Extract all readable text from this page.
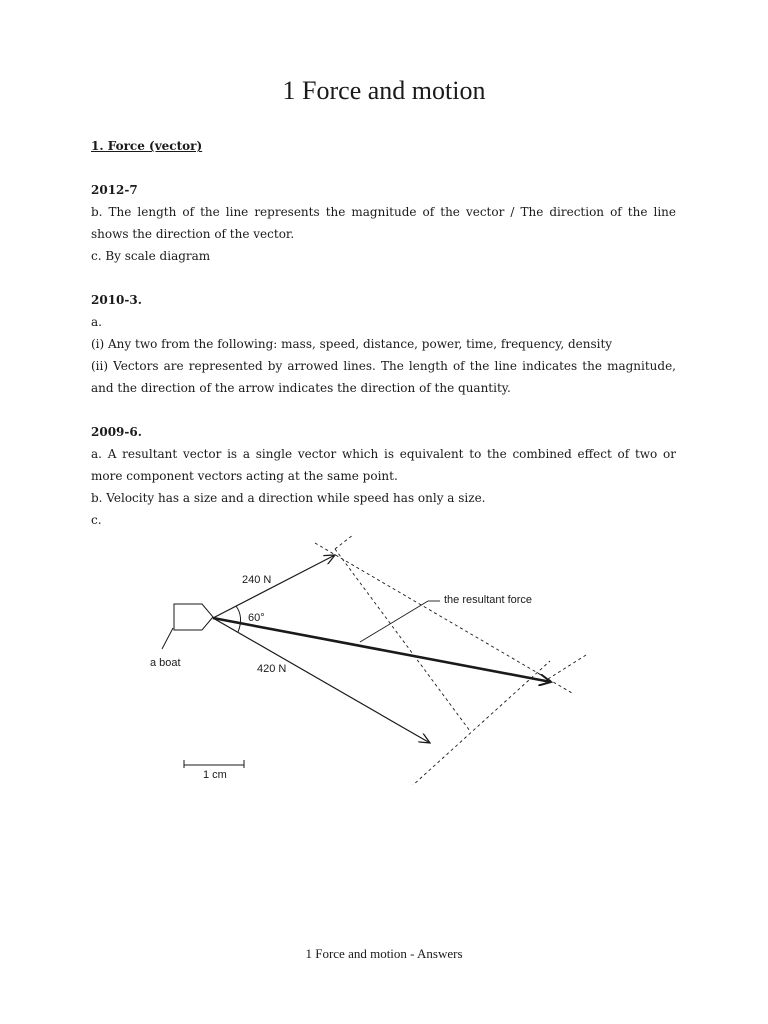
1 Force and motion

1. Force (vector)

2012-7

b. The length of the line represents the magnitude of the vector / The direction of the line shows the direction of the vector.

c. By scale diagram

2010-3.

a.

(i) Any two from the following: mass, speed, distance, power, time, frequency, density

(ii) Vectors are represented by arrowed lines. The length of the line indicates the magnitude, and the direction of the arrow indicates the direction of the quantity.

2009-6.

a. A resultant vector is a single vector which is equivalent to the combined effect of two or more component vectors acting at the same point.

b. Velocity has a size and a direction while speed has only a size.

c.

240 N
60°
the resultant force
a boat	420 N
1 cm
1 Force and motion - Answers
